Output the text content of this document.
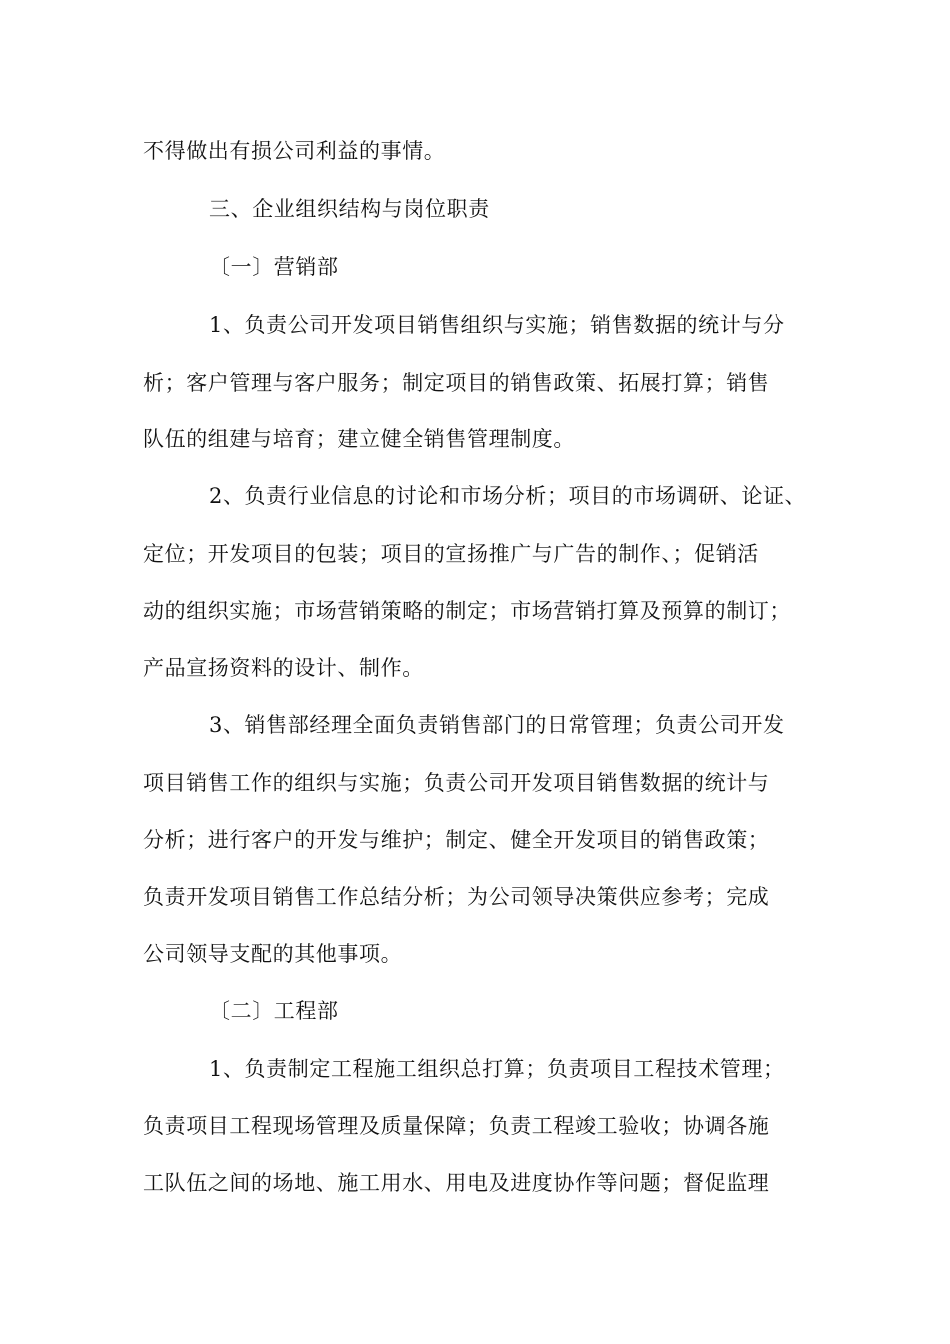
不得做出有损公司利益的事情。
三、企业组织结构与岗位职责
〔一〕营销部
1、负责公司开发项目销售组织与实施；销售数据的统计与分
析；客户管理与客户服务；制定项目的销售政策、拓展打算；销售
队伍的组建与培育；建立健全销售管理制度。
2、负责行业信息的讨论和市场分析；项目的市场调研、论证、
定位；开发项目的包装；项目的宣扬推广与广告的制作、；促销活
动的组织实施；市场营销策略的制定；市场营销打算及预算的制订；
产品宣扬资料的设计、制作。
3、销售部经理全面负责销售部门的日常管理；负责公司开发
项目销售工作的组织与实施；负责公司开发项目销售数据的统计与
分析；进行客户的开发与维护；制定、健全开发项目的销售政策；
负责开发项目销售工作总结分析；为公司领导决策供应参考；完成
公司领导支配的其他事项。
〔二〕工程部
1、负责制定工程施工组织总打算；负责项目工程技术管理；
负责项目工程现场管理及质量保障；负责工程竣工验收；协调各施
工队伍之间的场地、施工用水、用电及进度协作等问题；督促监理
